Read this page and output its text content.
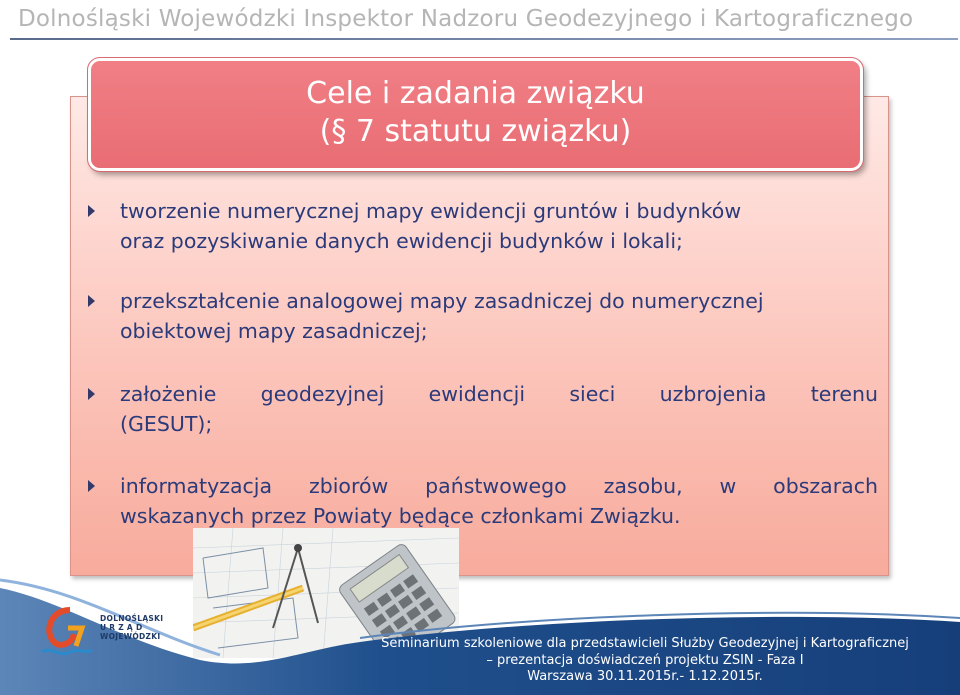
Dolnośląski Wojewódzki Inspektor Nadzoru Geodezyjnego i Kartograficznego
Cele i zadania związku
(§ 7 statutu związku)
tworzenie numerycznej mapy ewidencji gruntów i budynków
oraz pozyskiwanie danych ewidencji budynków i lokali;
przekształcenie analogowej mapy zasadniczej do numerycznej
obiektowej mapy zasadniczej;
założenie geodezyjnej ewidencji sieci uzbrojenia terenu
(GESUT);
informatyzacja zbiorów państwowego zasobu, w obszarach
wskazanych przez Powiaty będące członkami Związku.
DOLNOŚLĄSKI
U R Z Ą D
WOJEWÓDZKI	Seminarium szkoleniowe dla przedstawicieli Służby Geodezyjnej i Kartograficznej
– prezentacja doświadczeń projektu ZSIN - Faza I
Warszawa 30.11.2015r.- 1.12.2015r.
